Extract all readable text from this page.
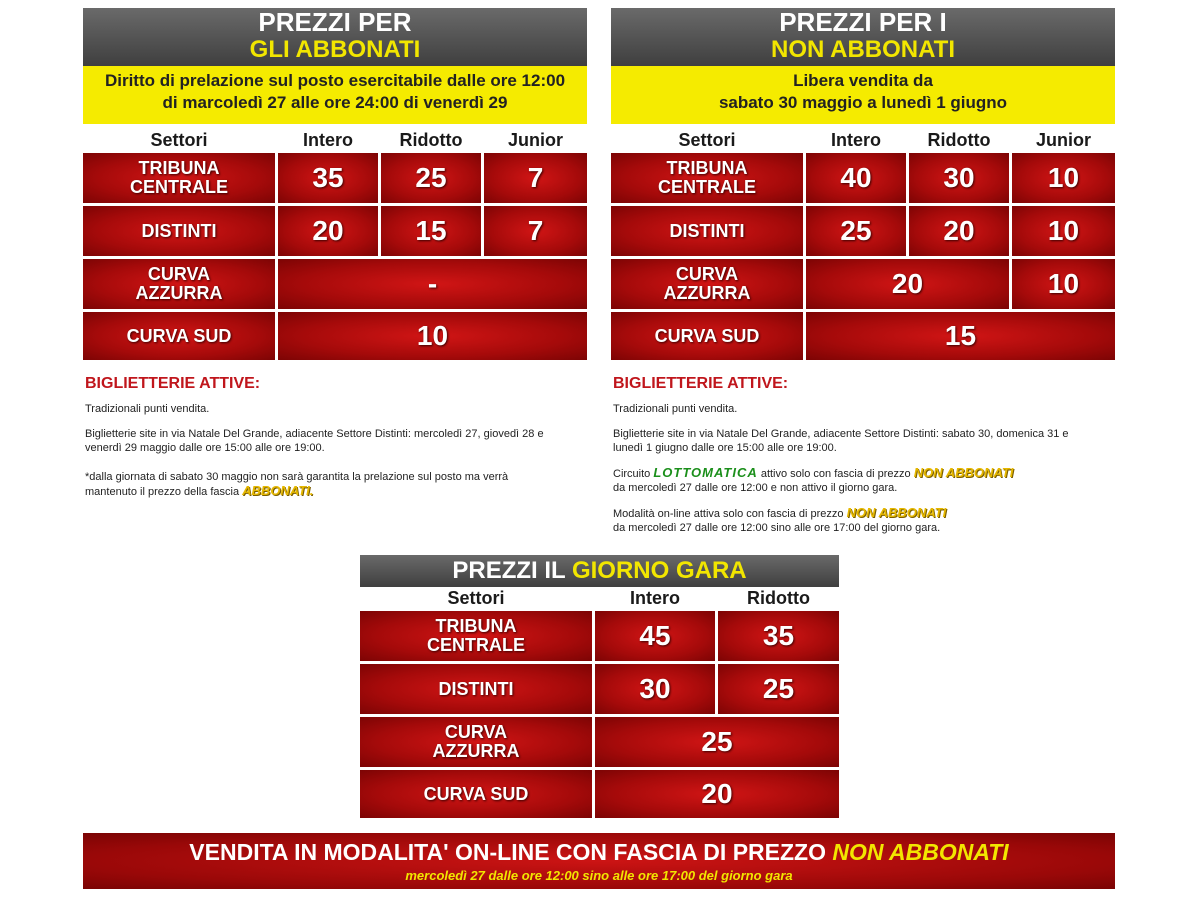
PREZZI PER
GLI ABBONATI
Diritto di prelazione sul posto esercitabile dalle ore 12:00 di marcoledì 27 alle ore 24:00 di venerdì 29
Settori	Intero	Ridotto	Junior
TRIBUNA CENTRALE	35	25	7
DISTINTI	20	15	7
CURVA AZZURRA	-
CURVA SUD	10
BIGLIETTERIE ATTIVE:
Tradizionali punti vendita.
Biglietterie site in via Natale Del Grande, adiacente Settore Distinti: mercoledì 27, giovedì 28 e venerdì 29 maggio dalle ore 15:00 alle ore 19:00.
*dalla giornata di sabato 30 maggio non sarà garantita la prelazione sul posto ma verrà mantenuto il prezzo della fascia ABBONATI.
PREZZI PER I
NON ABBONATI
Libera vendita da
sabato 30 maggio a lunedì 1 giugno
Settori	Intero	Ridotto	Junior
TRIBUNA CENTRALE	40	30	10
DISTINTI	25	20	10
CURVA AZZURRA	20	10
CURVA SUD	15
BIGLIETTERIE ATTIVE:
Tradizionali punti vendita.
Biglietterie site in via Natale Del Grande, adiacente Settore Distinti: sabato 30, domenica 31 e lunedì 1 giugno dalle ore 15:00 alle ore 19:00.
Circuito LOTTOMATICA attivo solo con fascia di prezzo NON ABBONATI
da mercoledì 27 dalle ore 12:00 e non attivo il giorno gara.
Modalità on-line attiva solo con fascia di prezzo NON ABBONATI
da mercoledì 27 dalle ore 12:00 sino alle ore 17:00 del giorno gara.
PREZZI IL GIORNO GARA
Settori	Intero	Ridotto
TRIBUNA CENTRALE	45	35
DISTINTI	30	25
CURVA AZZURRA	25
CURVA SUD	20
VENDITA IN MODALITA' ON-LINE CON FASCIA DI PREZZO NON ABBONATI
mercoledì 27 dalle ore 12:00 sino alle ore 17:00 del giorno gara
